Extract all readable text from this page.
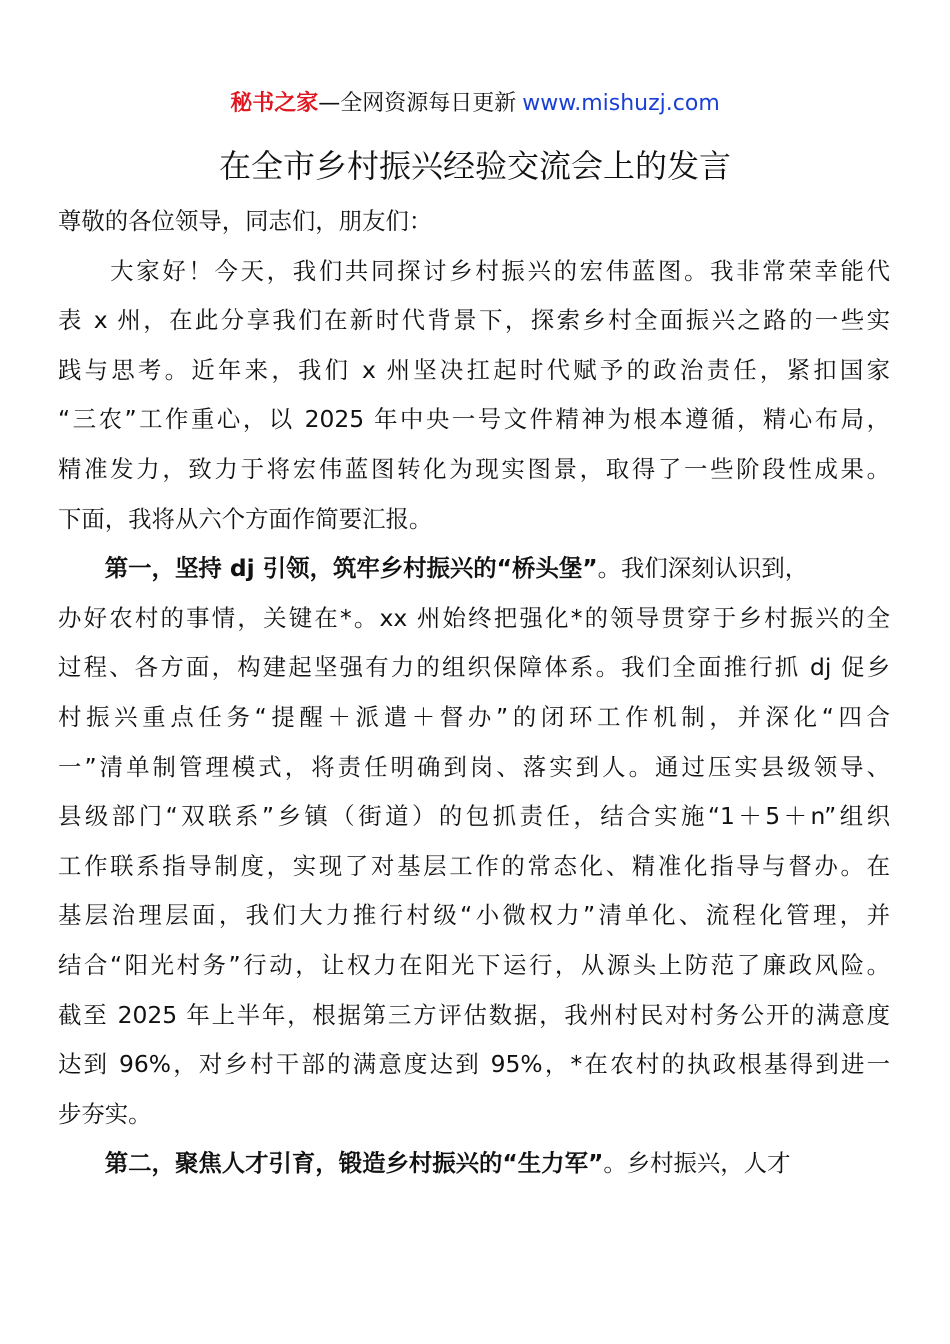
秘书之家—全网资源每日更新 www.mishuzj.com
在全市乡村振兴经验交流会上的发言
尊敬的各位领导，同志们，朋友们：
　　大家好！今天，我们共同探讨乡村振兴的宏伟蓝图。我非常荣幸能代
表 x 州，在此分享我们在新时代背景下，探索乡村全面振兴之路的一些实
践与思考。近年来，我们 x 州坚决扛起时代赋予的政治责任，紧扣国家
“三农”工作重心，以 2025 年中央一号文件精神为根本遵循，精心布局，
精准发力，致力于将宏伟蓝图转化为现实图景，取得了一些阶段性成果。
下面，我将从六个方面作简要汇报。
　　第一，坚持 dj 引领，筑牢乡村振兴的“桥头堡”。我们深刻认识到，
办好农村的事情，关键在*。xx 州始终把强化*的领导贯穿于乡村振兴的全
过程、各方面，构建起坚强有力的组织保障体系。我们全面推行抓 dj 促乡
村振兴重点任务“提醒＋派遣＋督办”的闭环工作机制，并深化“四合
一”清单制管理模式，将责任明确到岗、落实到人。通过压实县级领导、
县级部门“双联系”乡镇（街道）的包抓责任，结合实施“1＋5＋n”组织
工作联系指导制度，实现了对基层工作的常态化、精准化指导与督办。在
基层治理层面，我们大力推行村级“小微权力”清单化、流程化管理，并
结合“阳光村务”行动，让权力在阳光下运行，从源头上防范了廉政风险。
截至 2025 年上半年，根据第三方评估数据，我州村民对村务公开的满意度
达到 96%，对乡村干部的满意度达到 95%，*在农村的执政根基得到进一
步夯实。
　　第二，聚焦人才引育，锻造乡村振兴的“生力军”。乡村振兴，人才
